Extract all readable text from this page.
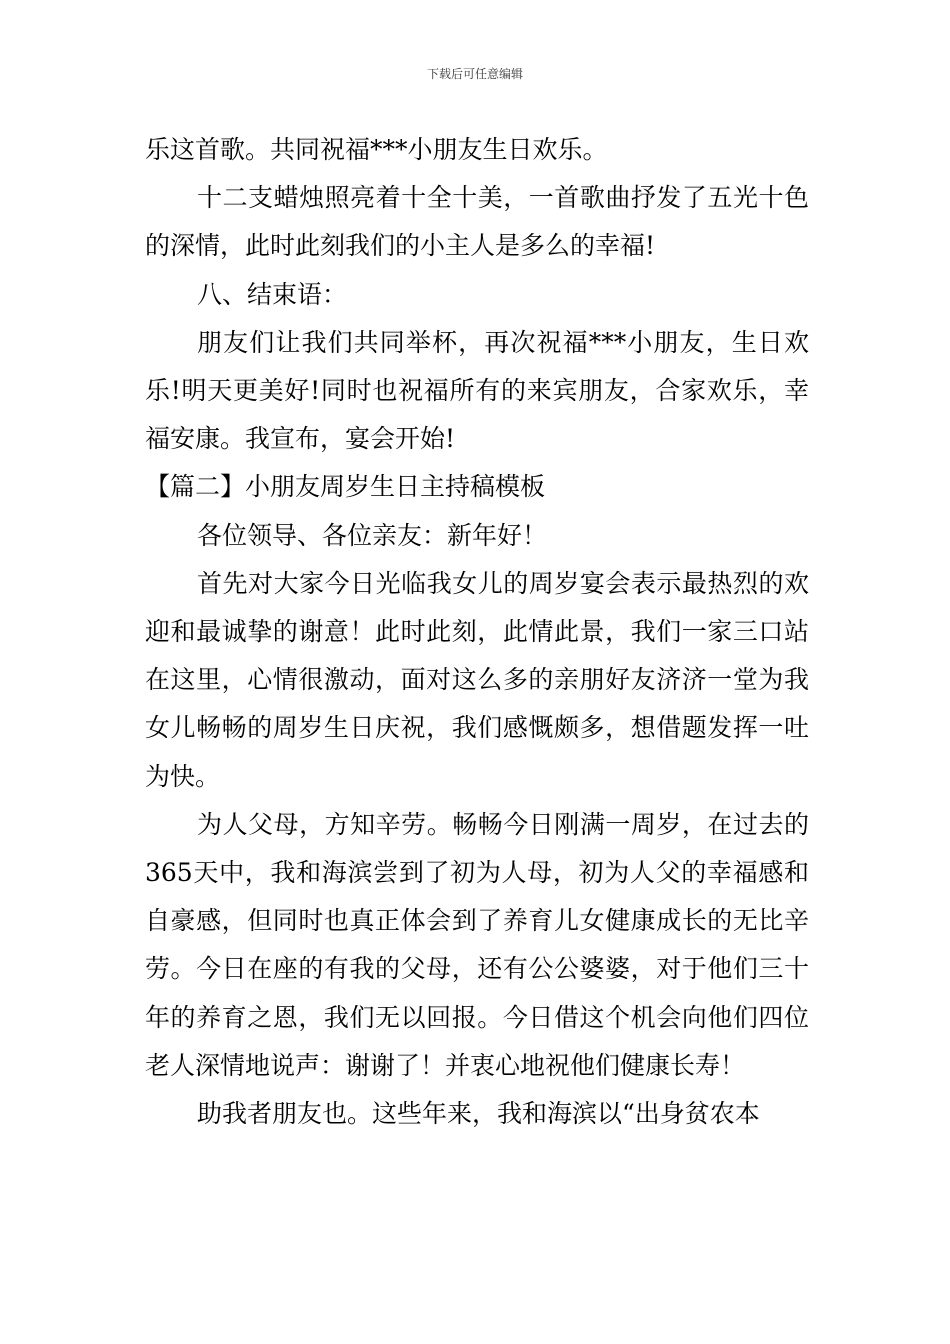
下载后可任意编辑

乐这首歌。共同祝福***小朋友生日欢乐。

十二支蜡烛照亮着十全十美，一首歌曲抒发了五光十色的深情，此时此刻我们的小主人是多么的幸福!

八、结束语：

朋友们让我们共同举杯，再次祝福***小朋友，生日欢乐!明天更美好!同时也祝福所有的来宾朋友，合家欢乐，幸福安康。我宣布，宴会开始!

【篇二】小朋友周岁生日主持稿模板

各位领导、各位亲友：新年好！

首先对大家今日光临我女儿的周岁宴会表示最热烈的欢迎和最诚挚的谢意！此时此刻，此情此景，我们一家三口站在这里，心情很激动，面对这么多的亲朋好友济济一堂为我女儿畅畅的周岁生日庆祝，我们感慨颇多，想借题发挥一吐为快。

为人父母，方知辛劳。畅畅今日刚满一周岁，在过去的365天中，我和海滨尝到了初为人母，初为人父的幸福感和自豪感，但同时也真正体会到了养育儿女健康成长的无比辛劳。今日在座的有我的父母，还有公公婆婆，对于他们三十年的养育之恩，我们无以回报。今日借这个机会向他们四位老人深情地说声：谢谢了！并衷心地祝他们健康长寿！

助我者朋友也。这些年来，我和海滨以“出身贫农本
